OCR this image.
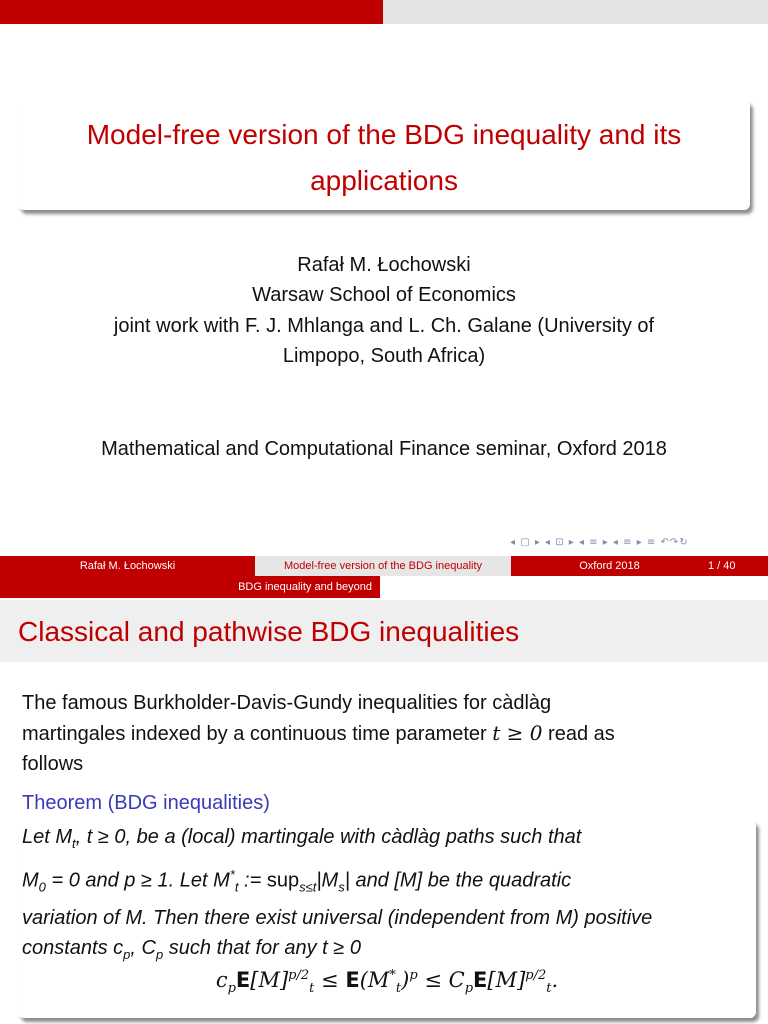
Model-free version of the BDG inequality and its
applications
Rafał M. Łochowski
Warsaw School of Economics
joint work with F. J. Mhlanga and L. Ch. Galane (University of
Limpopo, South Africa)
Mathematical and Computational Finance seminar, Oxford 2018
◂ ▢ ▸ ◂ ⊡ ▸ ◂ ≡ ▸ ◂ ≡ ▸ ≡ ↶↷↻
Rafał M. Łochowski	Model-free version of the BDG inequality	Oxford 2018	1 / 40
BDG inequality and beyond
Classical and pathwise BDG inequalities
The famous Burkholder-Davis-Gundy inequalities for càdlàg
martingales indexed by a continuous time parameter t ≥ 0 read as
follows
Theorem (BDG inequalities)
Let $M_t$, t ≥ 0, be a (local) martingale with càdlàg paths such that
$M_0 = 0$ and p ≥ 1. Let $M^*_t$ := $sup_{s\le t}|M_s|$ and [M] be the quadratic
variation of M. Then there exist universal (independent from M) positive
constants $c_p$, $C_p$ such that for any t ≥ 0
$c_pE[M]^{p/2}_t \le E(M^*_t)^p \le C_pE[M]^{p/2}_t$.
